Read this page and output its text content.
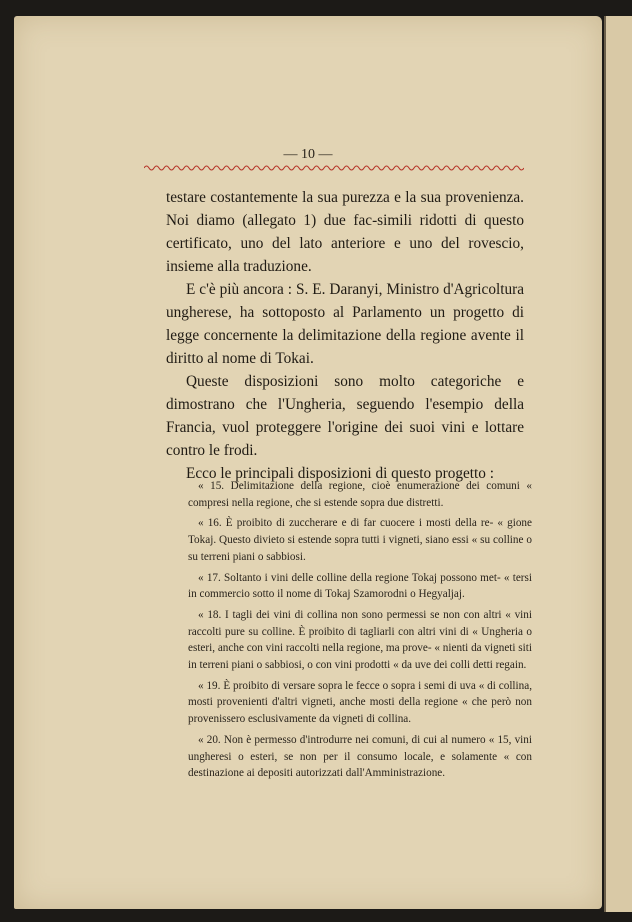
— 10 —

testare costantemente la sua purezza e la sua provenienza. Noi diamo (allegato 1) due fac-simili ridotti di questo certificato, uno del lato anteriore e uno del rovescio, insieme alla traduzione.

E c'è più ancora : S. E. Daranyi, Ministro d'Agricoltura ungherese, ha sottoposto al Parlamento un progetto di legge concernente la delimitazione della regione avente il diritto al nome di Tokai.

Queste disposizioni sono molto categoriche e dimostrano che l'Ungheria, seguendo l'esempio della Francia, vuol proteggere l'origine dei suoi vini e lottare contro le frodi.

Ecco le principali disposizioni di questo progetto :

« 15. Delimitazione della regione, cioè enumerazione dei comuni « compresi nella regione, che si estende sopra due distretti.

« 16. È proibito di zuccherare e di far cuocere i mosti della re- « gione Tokaj. Questo divieto si estende sopra tutti i vigneti, siano essi « su colline o su terreni piani o sabbiosi.

« 17. Soltanto i vini delle colline della regione Tokaj possono met- « tersi in commercio sotto il nome di Tokaj Szamorodni o Hegyaljaj.

« 18. I tagli dei vini di collina non sono permessi se non con altri « vini raccolti pure su colline. È proibito di tagliarli con altri vini di « Ungheria o esteri, anche con vini raccolti nella regione, ma prove- « nienti da vigneti siti in terreni piani o sabbiosi, o con vini prodotti « da uve dei colli detti regain.

« 19. È proibito di versare sopra le fecce o sopra i semi di uva « di collina, mosti provenienti d'altri vigneti, anche mosti della regione « che però non provenissero esclusivamente da vigneti di collina.

« 20. Non è permesso d'introdurre nei comuni, di cui al numero « 15, vini ungheresi o esteri, se non per il consumo locale, e solamente « con destinazione ai depositi autorizzati dall'Amministrazione.
